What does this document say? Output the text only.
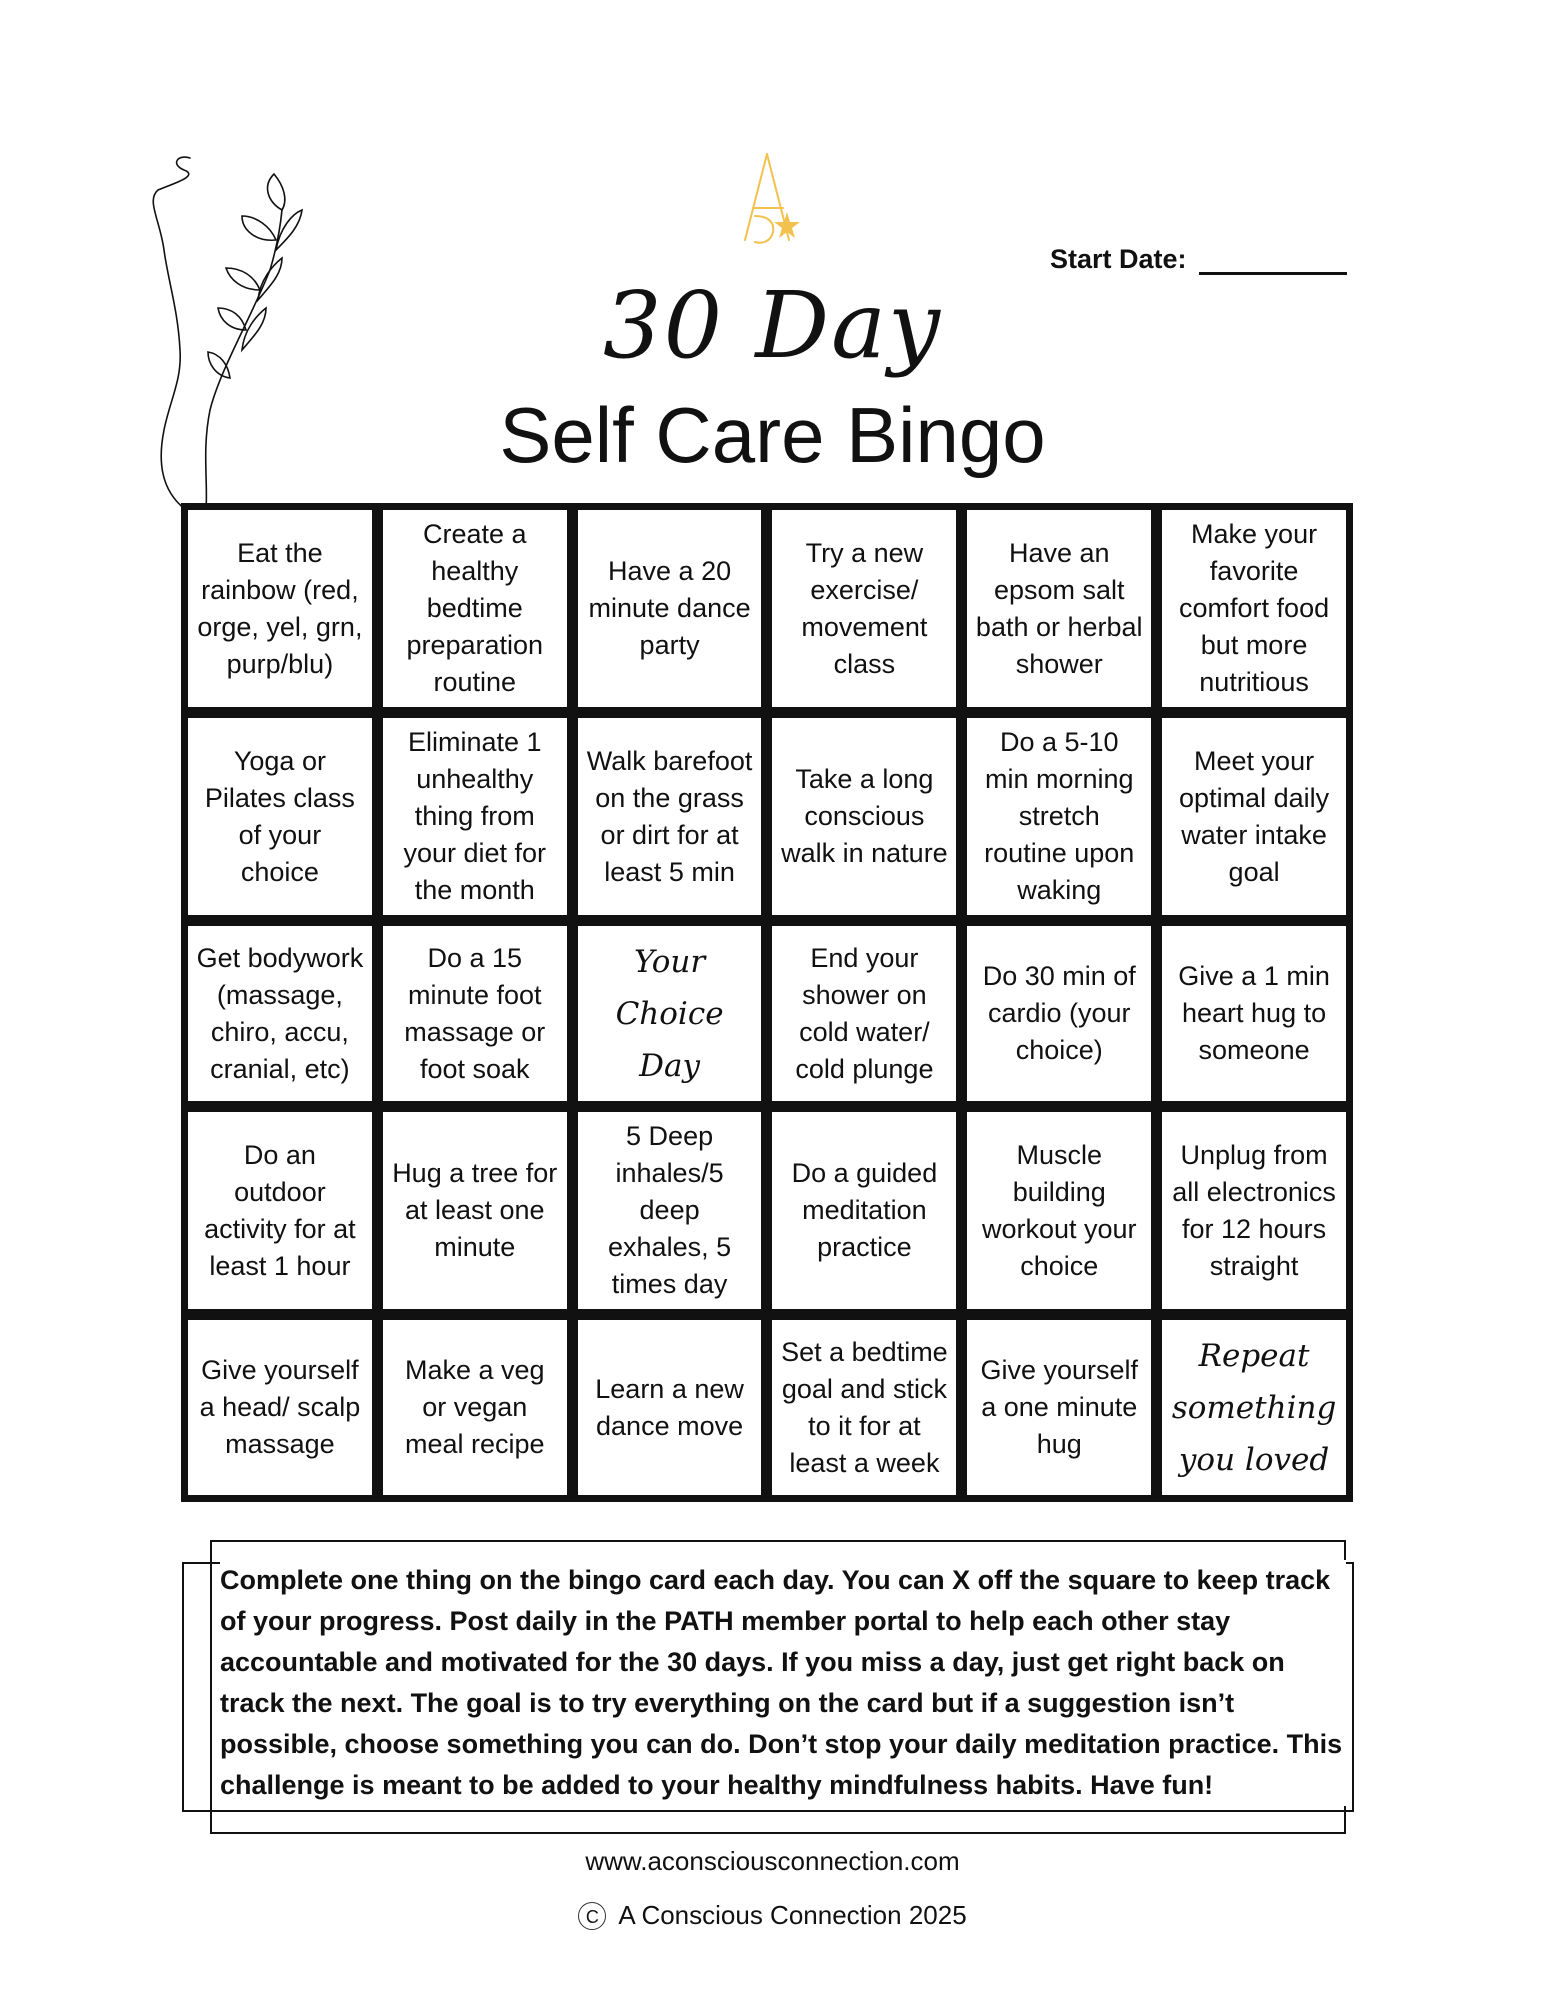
Start Date:
30 Day
Self Care Bingo
Eat the rainbow (red, orge, yel, grn, purp/blu)
Create a healthy bedtime preparation routine
Have a 20 minute dance party
Try a new exercise/ movement class
Have an epsom salt bath or herbal shower
Make your favorite comfort food but more nutritious
Yoga or Pilates class of your choice
Eliminate 1 unhealthy thing from your diet for the month
Walk barefoot on the grass or dirt for at least 5 min
Take a long conscious walk in nature
Do a 5-10 min morning stretch routine upon waking
Meet your optimal daily water intake goal
Get bodywork (massage, chiro, accu, cranial, etc)
Do a 15 minute foot massage or foot soak
Your Choice Day
End your shower on cold water/ cold plunge
Do 30 min of cardio (your choice)
Give a 1 min heart hug to someone
Do an outdoor activity for at least 1 hour
Hug a tree for at least one minute
5 Deep inhales/5 deep exhales, 5 times day
Do a guided meditation practice
Muscle building workout your choice
Unplug from all electronics for 12 hours straight
Give yourself a head/ scalp massage
Make a veg or vegan meal recipe
Learn a new dance move
Set a bedtime goal and stick to it for at least a week
Give yourself a one minute hug
Repeat something you loved
Complete one thing on the bingo card each day. You can X off the square to keep track of your progress. Post daily in the PATH member portal to help each other stay accountable and motivated for the 30 days. If you miss a day, just get right back on track the next. The goal is to try everything on the card but if a suggestion isn’t possible, choose something you can do. Don’t stop your daily meditation practice. This challenge is meant to be added to your healthy mindfulness habits. Have fun!
www.aconsciousconnection.com
C A Conscious Connection 2025
